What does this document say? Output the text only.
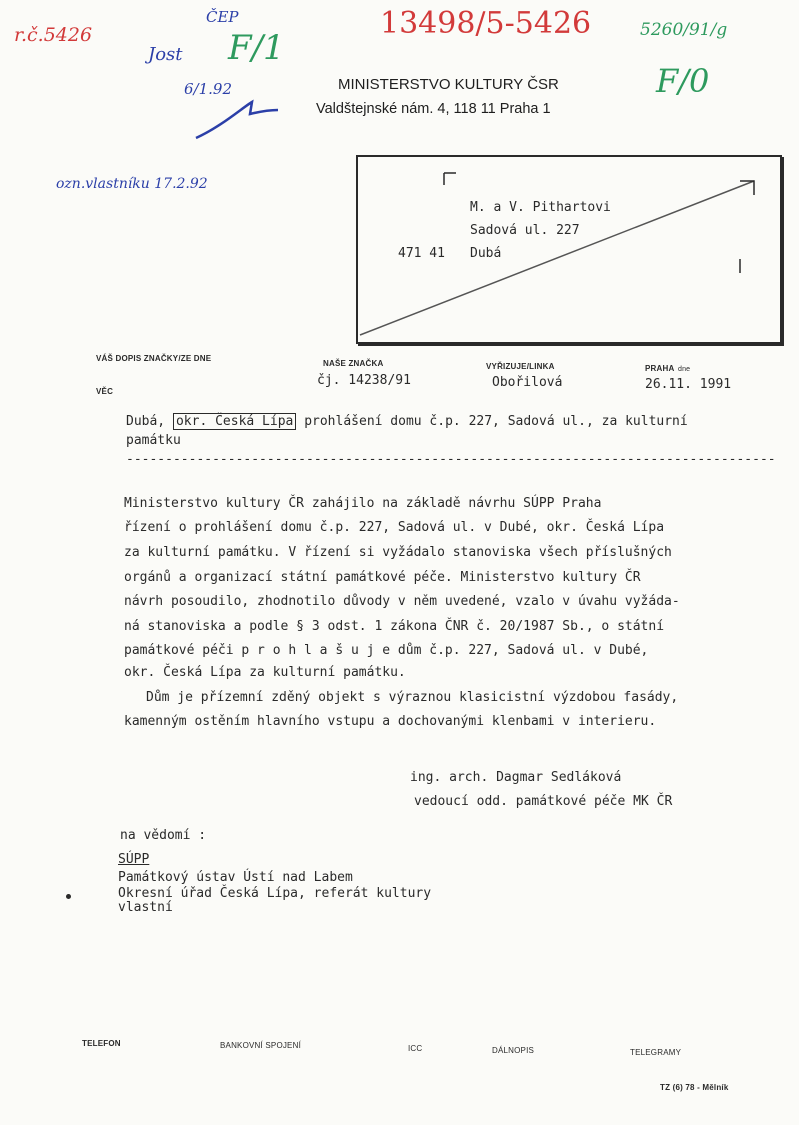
r.č.5426
ČEP
F/1
Jost
6/1.92
13498/5-5426	5260/91/g
F/0
ozn.vlastníku 17.2.92
MINISTERSTVO KULTURY ČSR
Valdštejnské nám. 4, 118 11 Praha 1
M. a V. Pithartovi
Sadová ul. 227
471 41 Dubá
VÁŠ DOPIS ZNAČKY/ZE DNE
NAŠE ZNAČKA	VYŘIZUJE/LINKA	PRAHA dne
čj. 14238/91	Obořilová	26.11. 1991
VĚC
Dubá, okr. Česká Lípa prohlášení domu č.p. 227, Sadová ul., za kulturní
památku
-----------------------------------------------------------------------------------
Ministerstvo kultury ČR zahájilo na základě návrhu SÚPP Praha
řízení o prohlášení domu č.p. 227, Sadová ul. v Dubé, okr. Česká Lípa
za kulturní památku. V řízení si vyžádalo stanoviska všech příslušných
orgánů a organizací státní památkové péče. Ministerstvo kultury ČR
návrh posoudilo, zhodnotilo důvody v něm uvedené, vzalo v úvahu vyžáda-
ná stanoviska a podle § 3 odst. 1 zákona ČNR č. 20/1987 Sb., o státní
památkové péči p r o h l a š u j e dům č.p. 227, Sadová ul. v Dubé,
okr. Česká Lípa za kulturní památku.
Dům je přízemní zděný objekt s výraznou klasicistní výzdobou fasády,
kamenným ostěním hlavního vstupu a dochovanými klenbami v interieru.
ing. arch. Dagmar Sedláková
vedoucí odd. památkové péče MK ČR
na vědomí :
SÚPP
Památkový ústav Ústí nad Labem
Okresní úřad Česká Lípa, referát kultury
vlastní
TELEFON	BANKOVNÍ SPOJENÍ	ICC	DÁLNOPIS	TELEGRAMY
TZ (6) 78 - Mělník
